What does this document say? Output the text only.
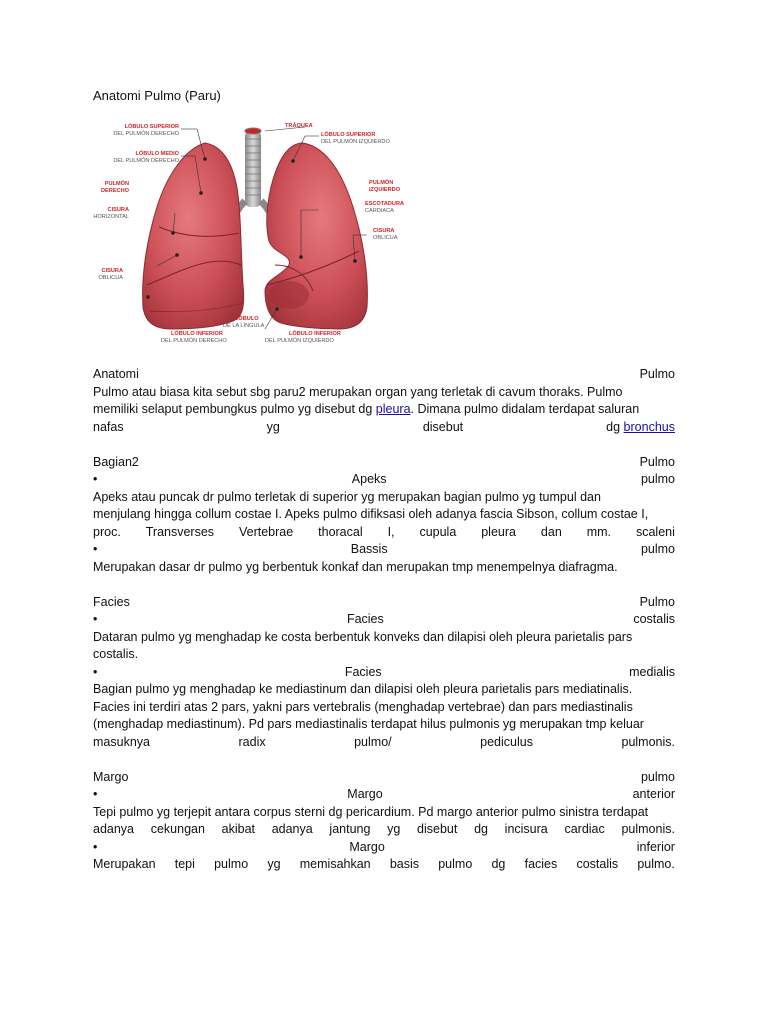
Anatomi Pulmo (Paru)
LÓBULO SUPERIOR
DEL PULMÓN DERECHO
LÓBULO MEDIO
DEL PULMÓN DERECHO
PULMÓN
DERECHO
CISURA
HORIZONTAL
CISURA
OBLICUA
TRÁQUEA
LÓBULO SUPERIOR
DEL PULMÓN IZQUIERDO
PULMÓN
IZQUIERDO
ESCOTADURA
CARDIACA
CISURA
OBLICUA
LÓBULO INFERIOR
DEL PULMÓN DERECHO
LÓBULO
DE LA LÍNGULA
LÓBULO INFERIOR
DEL PULMÓN IZQUIERDO
Anatomi	Pulmo
Pulmo atau biasa kita sebut sbg paru2 merupakan organ yang terletak di cavum thoraks. Pulmo
memiliki selaput pembungkus pulmo yg disebut dg pleura. Dimana pulmo didalam terdapat saluran
nafas	yg	disebut	dg bronchus
Bagian2	Pulmo
•	Apeks	pulmo
Apeks atau puncak dr pulmo terletak di superior yg merupakan bagian pulmo yg tumpul dan
menjulang hingga collum costae I. Apeks pulmo difiksasi oleh adanya fascia Sibson, collum costae I,
proc. Transverses Vertebrae thoracal I, cupula pleura dan mm. scaleni
•	Bassis	pulmo
Merupakan dasar dr pulmo yg berbentuk konkaf dan merupakan tmp menempelnya diafragma.
Facies	Pulmo
•	Facies	costalis
Dataran pulmo yg menghadap ke costa berbentuk konveks dan dilapisi oleh pleura parietalis pars
costalis.
•	Facies	medialis
Bagian pulmo yg menghadap ke mediastinum dan dilapisi oleh pleura parietalis pars mediatinalis.
Facies ini terdiri atas 2 pars, yakni pars vertebralis (menghadap vertebrae) dan pars mediastinalis
(menghadap mediastinum). Pd pars mediastinalis terdapat hilus pulmonis yg merupakan tmp keluar
masuknya	radix	pulmo/	pediculus	pulmonis.
Margo	pulmo
•	Margo	anterior
Tepi pulmo yg terjepit antara corpus sterni dg pericardium. Pd margo anterior pulmo sinistra terdapat
adanya cekungan akibat adanya jantung yg disebut dg incisura cardiac pulmonis.
•	Margo	inferior
Merupakan tepi pulmo yg memisahkan basis pulmo dg facies costalis pulmo.
